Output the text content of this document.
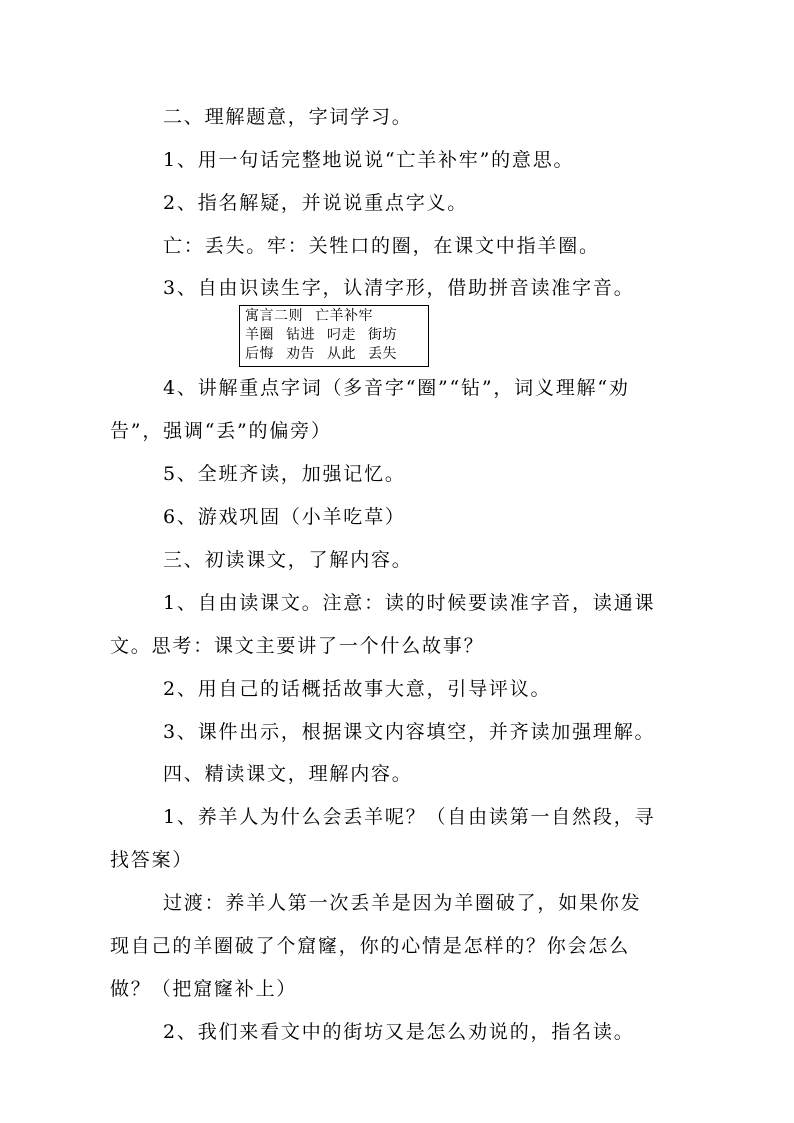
二、理解题意，字词学习。
1、用一句话完整地说说“亡羊补牢”的意思。
2、指名解疑，并说说重点字义。
亡：丢失。牢：关牲口的圈，在课文中指羊圈。
3、自由识读生字，认清字形，借助拼音读准字音。
寓言二则 亡羊补牢
羊圈 钻进 叼走 街坊
后悔 劝告 从此 丢失
4、讲解重点字词（多音字“圈”“钻”，词义理解“劝
告”，强调“丢”的偏旁）
5、全班齐读，加强记忆。
6、游戏巩固（小羊吃草）
三、初读课文，了解内容。
1、自由读课文。注意：读的时候要读准字音，读通课
文。思考：课文主要讲了一个什么故事？
2、用自己的话概括故事大意，引导评议。
3、课件出示，根据课文内容填空，并齐读加强理解。
四、精读课文，理解内容。
1、养羊人为什么会丢羊呢？（自由读第一自然段，寻
找答案）
过渡：养羊人第一次丢羊是因为羊圈破了，如果你发
现自己的羊圈破了个窟窿，你的心情是怎样的？你会怎么
做？（把窟窿补上）
2、我们来看文中的街坊又是怎么劝说的，指名读。
